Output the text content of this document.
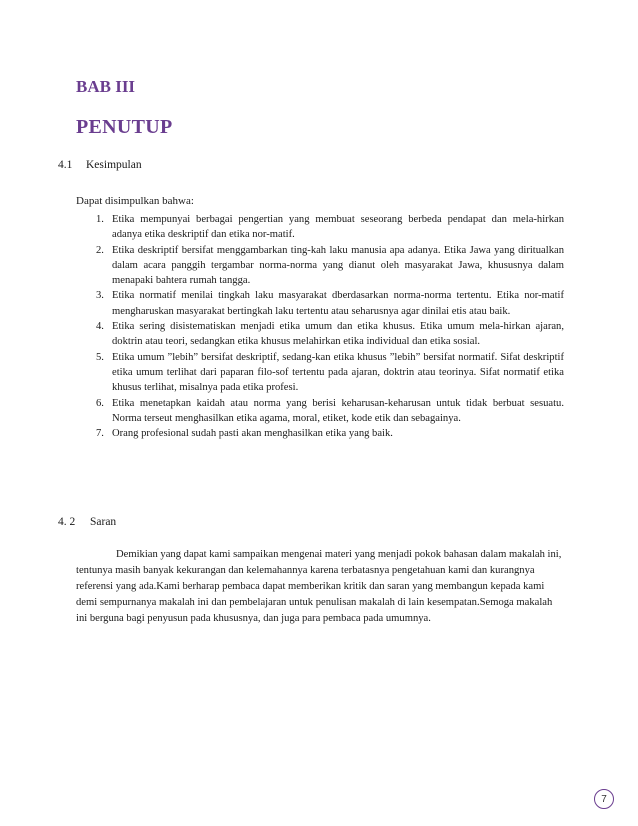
BAB III
PENUTUP

4.1 Kesimpulan

Dapat disimpulkan bahwa:

1. Etika mempunyai berbagai pengertian yang membuat seseorang berbeda pendapat dan mela-hirkan adanya etika deskriptif dan etika nor-matif.
2. Etika deskriptif bersifat menggambarkan ting-kah laku manusia apa adanya. Etika Jawa yang diritualkan dalam acara panggih tergambar norma-norma yang dianut oleh masyarakat Jawa, khususnya dalam menapaki bahtera rumah tangga.
3. Etika normatif menilai tingkah laku masyarakat dberdasarkan norma-norma tertentu. Etika nor-matif mengharuskan masyarakat bertingkah laku tertentu atau seharusnya agar dinilai etis atau baik.
4. Etika sering disistematiskan menjadi etika umum dan etika khusus. Etika umum mela-hirkan ajaran, doktrin atau teori, sedangkan etika khusus melahirkan etika individual dan etika sosial.
5. Etika umum ”lebih” bersifat deskriptif, sedang-kan etika khusus ”lebih” bersifat normatif. Sifat deskriptif etika umum terlihat dari paparan filo-sof tertentu pada ajaran, doktrin atau teorinya. Sifat normatif etika khusus terlihat, misalnya pada etika profesi.
6. Etika menetapkan kaidah atau norma yang berisi keharusan-keharusan untuk tidak berbuat sesuatu. Norma terseut menghasilkan etika agama, moral, etiket, kode etik dan sebagainya.
7. Orang profesional sudah pasti akan menghasilkan etika yang baik.

4. 2 Saran

Demikian yang dapat kami sampaikan mengenai materi yang menjadi pokok bahasan dalam makalah ini, tentunya masih banyak kekurangan dan kelemahannya karena terbatasnya pengetahuan kami dan kurangnya referensi yang ada.Kami berharap pembaca dapat memberikan kritik dan saran yang membangun kepada kami demi sempurnanya makalah ini dan pembelajaran untuk penulisan makalah di lain kesempatan.Semoga makalah ini berguna bagi penyusun pada khususnya, dan juga para pembaca pada umumnya.

7
